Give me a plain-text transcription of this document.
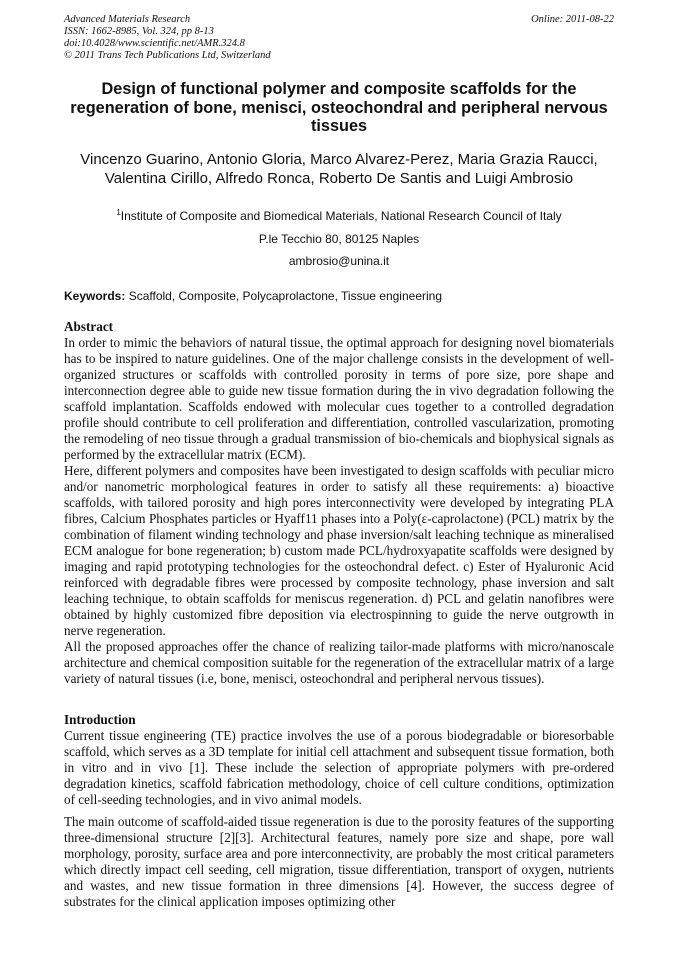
Advanced Materials Research
ISSN: 1662-8985, Vol. 324, pp 8-13
doi:10.4028/www.scientific.net/AMR.324.8
© 2011 Trans Tech Publications Ltd, Switzerland
Online: 2011-08-22
Design of functional polymer and composite scaffolds for the regeneration of bone, menisci, osteochondral and peripheral nervous tissues
Vincenzo Guarino, Antonio Gloria, Marco Alvarez-Perez, Maria Grazia Raucci, Valentina Cirillo, Alfredo Ronca, Roberto De Santis and Luigi Ambrosio
$^1$Institute of Composite and Biomedical Materials, National Research Council of Italy
P.le Tecchio 80, 80125 Naples
ambrosio@unina.it
Keywords: Scaffold, Composite, Polycaprolactone, Tissue engineering
Abstract

In order to mimic the behaviors of natural tissue, the optimal approach for designing novel biomaterials has to be inspired to nature guidelines. One of the major challenge consists in the development of well-organized structures or scaffolds with controlled porosity in terms of pore size, pore shape and interconnection degree able to guide new tissue formation during the in vivo degradation following the scaffold implantation. Scaffolds endowed with molecular cues together to a controlled degradation profile should contribute to cell proliferation and differentiation, controlled vascularization, promoting the remodeling of neo tissue through a gradual transmission of bio-chemicals and biophysical signals as performed by the extracellular matrix (ECM).

Here, different polymers and composites have been investigated to design scaffolds with peculiar micro and/or nanometric morphological features in order to satisfy all these requirements: a) bioactive scaffolds, with tailored porosity and high pores interconnectivity were developed by integrating PLA fibres, Calcium Phosphates particles or Hyaff11 phases into a Poly(ε-caprolactone) (PCL) matrix by the combination of filament winding technology and phase inversion/salt leaching technique as mineralised ECM analogue for bone regeneration; b) custom made PCL/hydroxyapatite scaffolds were designed by imaging and rapid prototyping technologies for the osteochondral defect. c) Ester of Hyaluronic Acid reinforced with degradable fibres were processed by composite technology, phase inversion and salt leaching technique, to obtain scaffolds for meniscus regeneration. d) PCL and gelatin nanofibres were obtained by highly customized fibre deposition via electrospinning to guide the nerve outgrowth in nerve regeneration.

All the proposed approaches offer the chance of realizing tailor-made platforms with micro/nanoscale architecture and chemical composition suitable for the regeneration of the extracellular matrix of a large variety of natural tissues (i.e, bone, menisci, osteochondral and peripheral nervous tissues).

Introduction

Current tissue engineering (TE) practice involves the use of a porous biodegradable or bioresorbable scaffold, which serves as a 3D template for initial cell attachment and subsequent tissue formation, both in vitro and in vivo [1]. These include the selection of appropriate polymers with pre-ordered degradation kinetics, scaffold fabrication methodology, choice of cell culture conditions, optimization of cell-seeding technologies, and in vivo animal models.

The main outcome of scaffold-aided tissue regeneration is due to the porosity features of the supporting three-dimensional structure [2][3]. Architectural features, namely pore size and shape, pore wall morphology, porosity, surface area and pore interconnectivity, are probably the most critical parameters which directly impact cell seeding, cell migration, tissue differentiation, transport of oxygen, nutrients and wastes, and new tissue formation in three dimensions [4]. However, the success degree of substrates for the clinical application imposes optimizing other
